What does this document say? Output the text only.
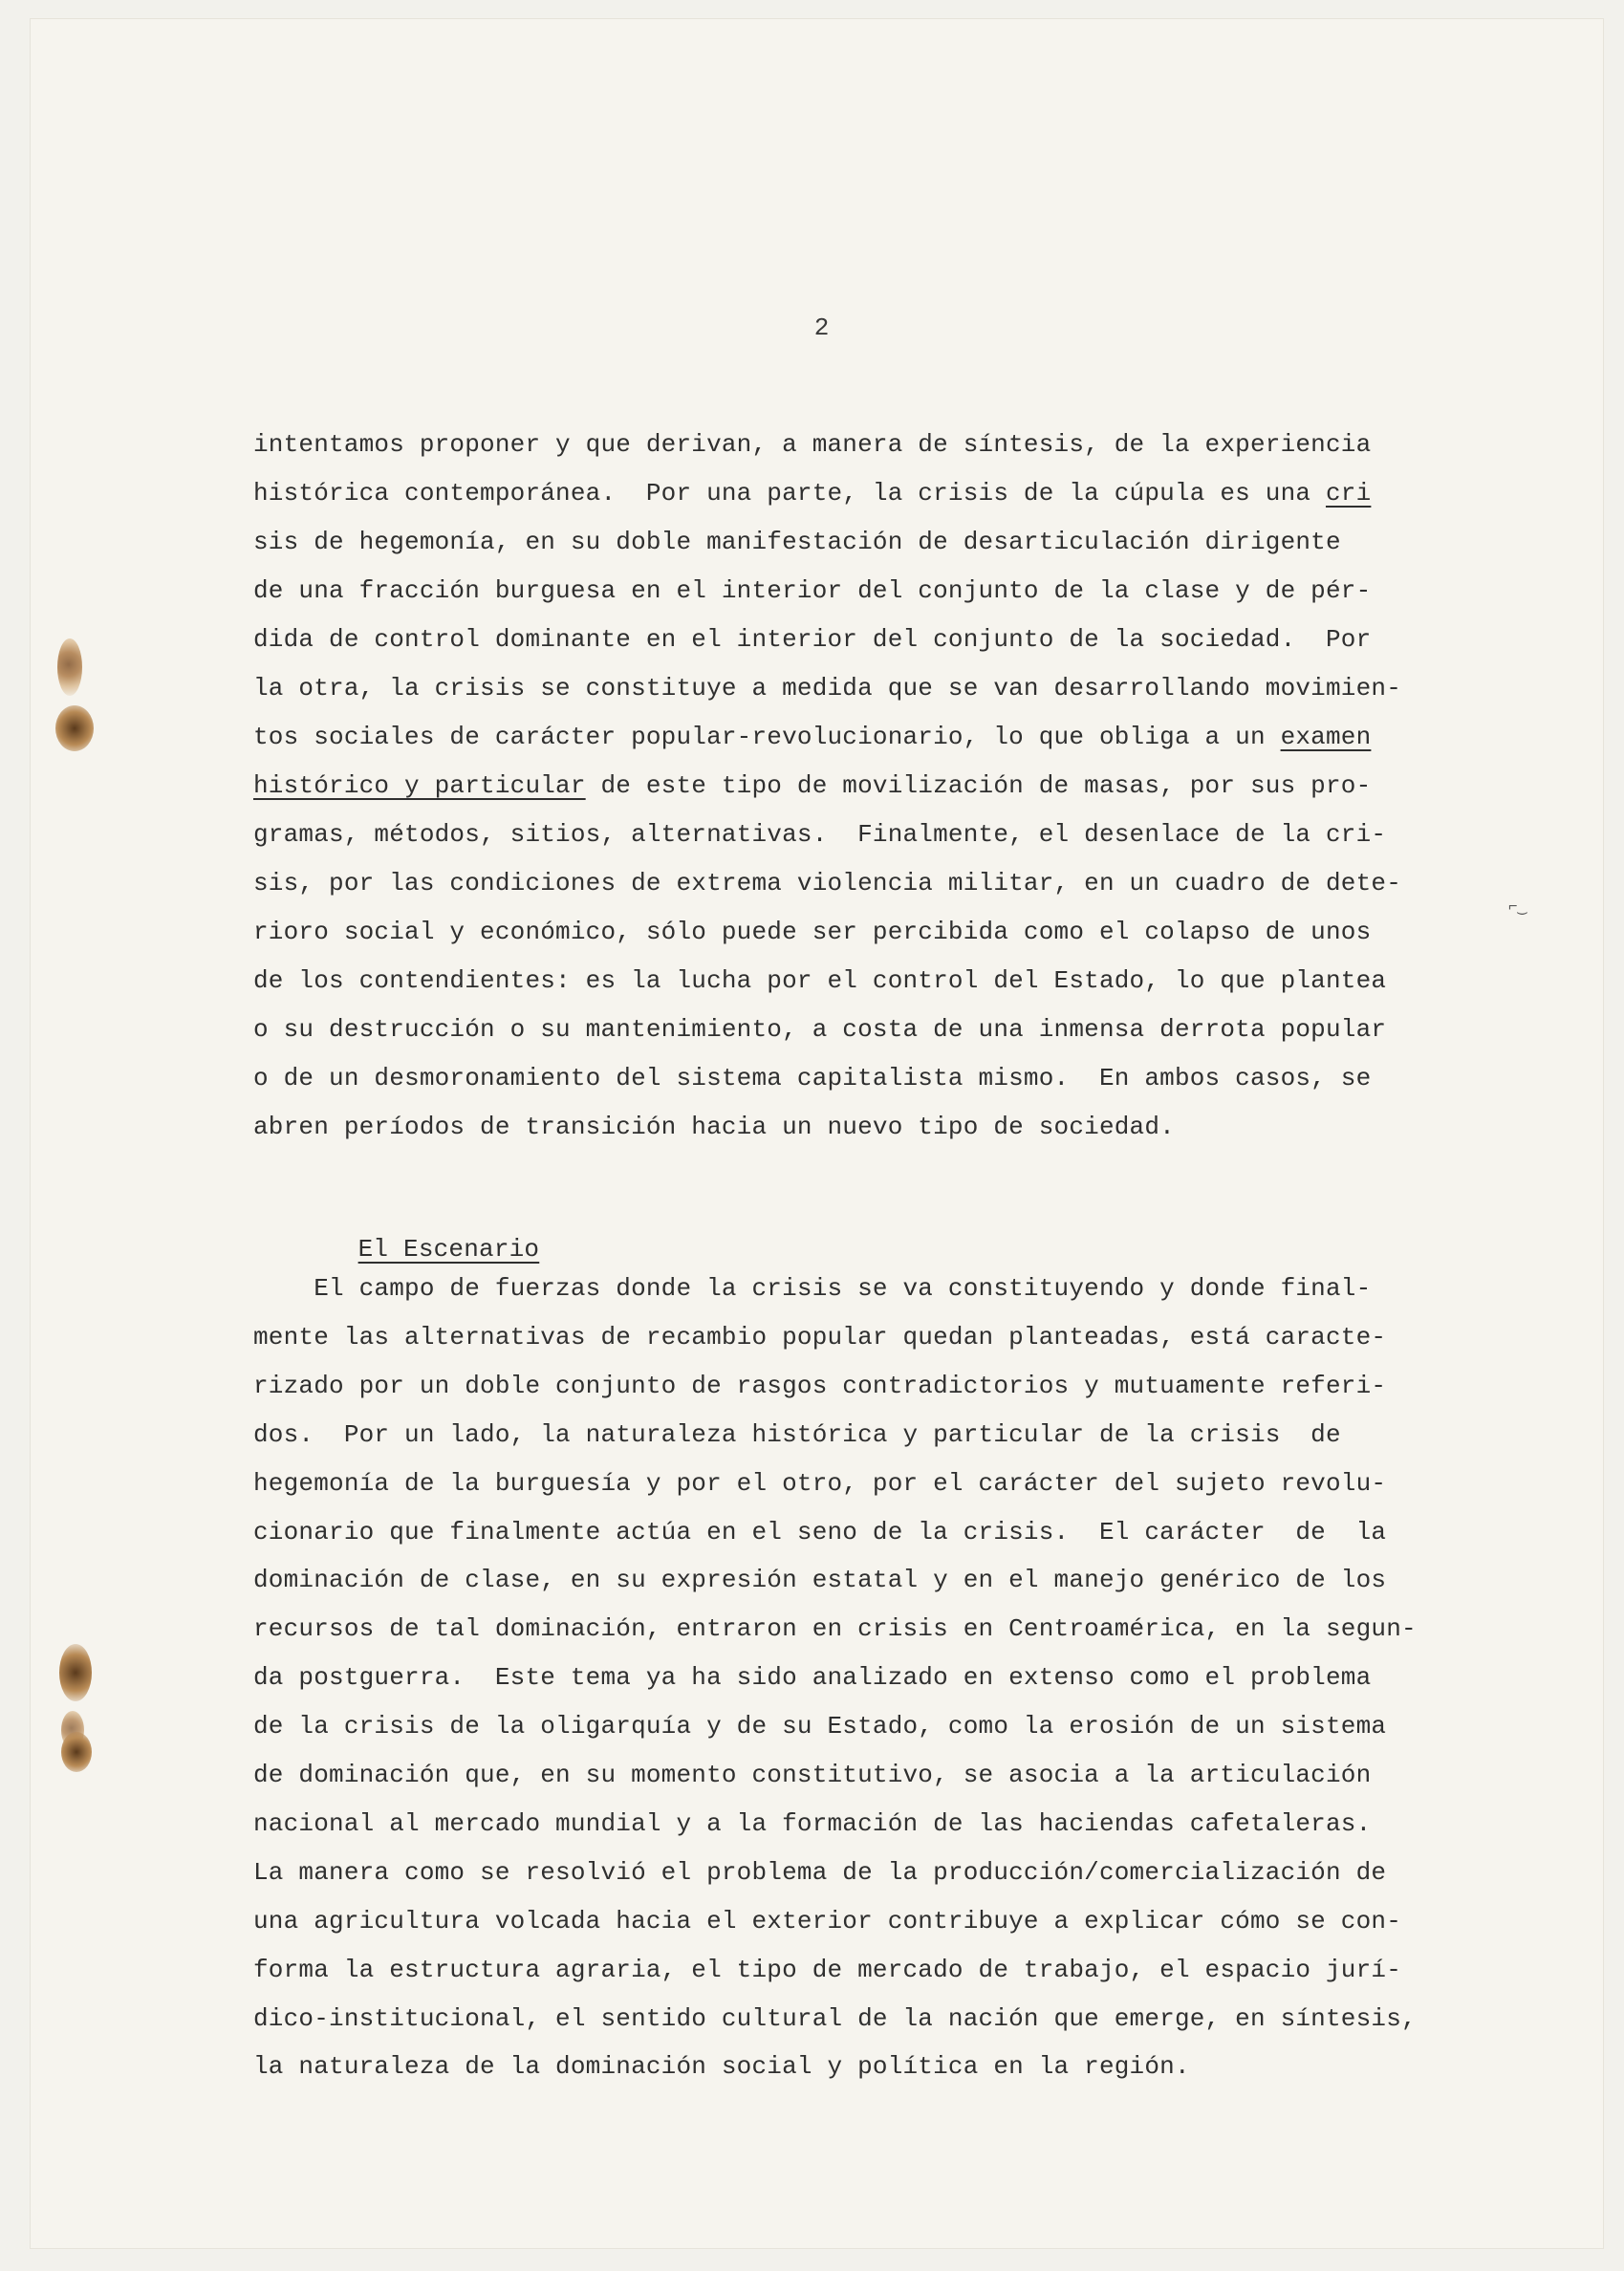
⌐‿
2
intentamos proponer y que derivan, a manera de síntesis, de la experiencia
histórica contemporánea.  Por una parte, la crisis de la cúpula es una cri
sis de hegemonía, en su doble manifestación de desarticulación dirigente
de una fracción burguesa en el interior del conjunto de la clase y de pér-
dida de control dominante en el interior del conjunto de la sociedad.  Por
la otra, la crisis se constituye a medida que se van desarrollando movimien-
tos sociales de carácter popular-revolucionario, lo que obliga a un examen
histórico y particular de este tipo de movilización de masas, por sus pro-
gramas, métodos, sitios, alternativas.  Finalmente, el desenlace de la cri-
sis, por las condiciones de extrema violencia militar, en un cuadro de dete-
rioro social y económico, sólo puede ser percibida como el colapso de unos
de los contendientes: es la lucha por el control del Estado, lo que plantea
o su destrucción o su mantenimiento, a costa de una inmensa derrota popular
o de un desmoronamiento del sistema capitalista mismo.  En ambos casos, se
abren períodos de transición hacia un nuevo tipo de sociedad.

El Escenario

El campo de fuerzas donde la crisis se va constituyendo y donde final-
mente las alternativas de recambio popular quedan planteadas, está caracte-
rizado por un doble conjunto de rasgos contradictorios y mutuamente referi-
dos.  Por un lado, la naturaleza histórica y particular de la crisis  de
hegemonía de la burguesía y por el otro, por el carácter del sujeto revolu-
cionario que finalmente actúa en el seno de la crisis.  El carácter  de  la
dominación de clase, en su expresión estatal y en el manejo genérico de los
recursos de tal dominación, entraron en crisis en Centroamérica, en la segun-
da postguerra.  Este tema ya ha sido analizado en extenso como el problema
de la crisis de la oligarquía y de su Estado, como la erosión de un sistema
de dominación que, en su momento constitutivo, se asocia a la articulación
nacional al mercado mundial y a la formación de las haciendas cafetaleras.
La manera como se resolvió el problema de la producción/comercialización de
una agricultura volcada hacia el exterior contribuye a explicar cómo se con-
forma la estructura agraria, el tipo de mercado de trabajo, el espacio jurí-
dico-institucional, el sentido cultural de la nación que emerge, en síntesis,
la naturaleza de la dominación social y política en la región.
